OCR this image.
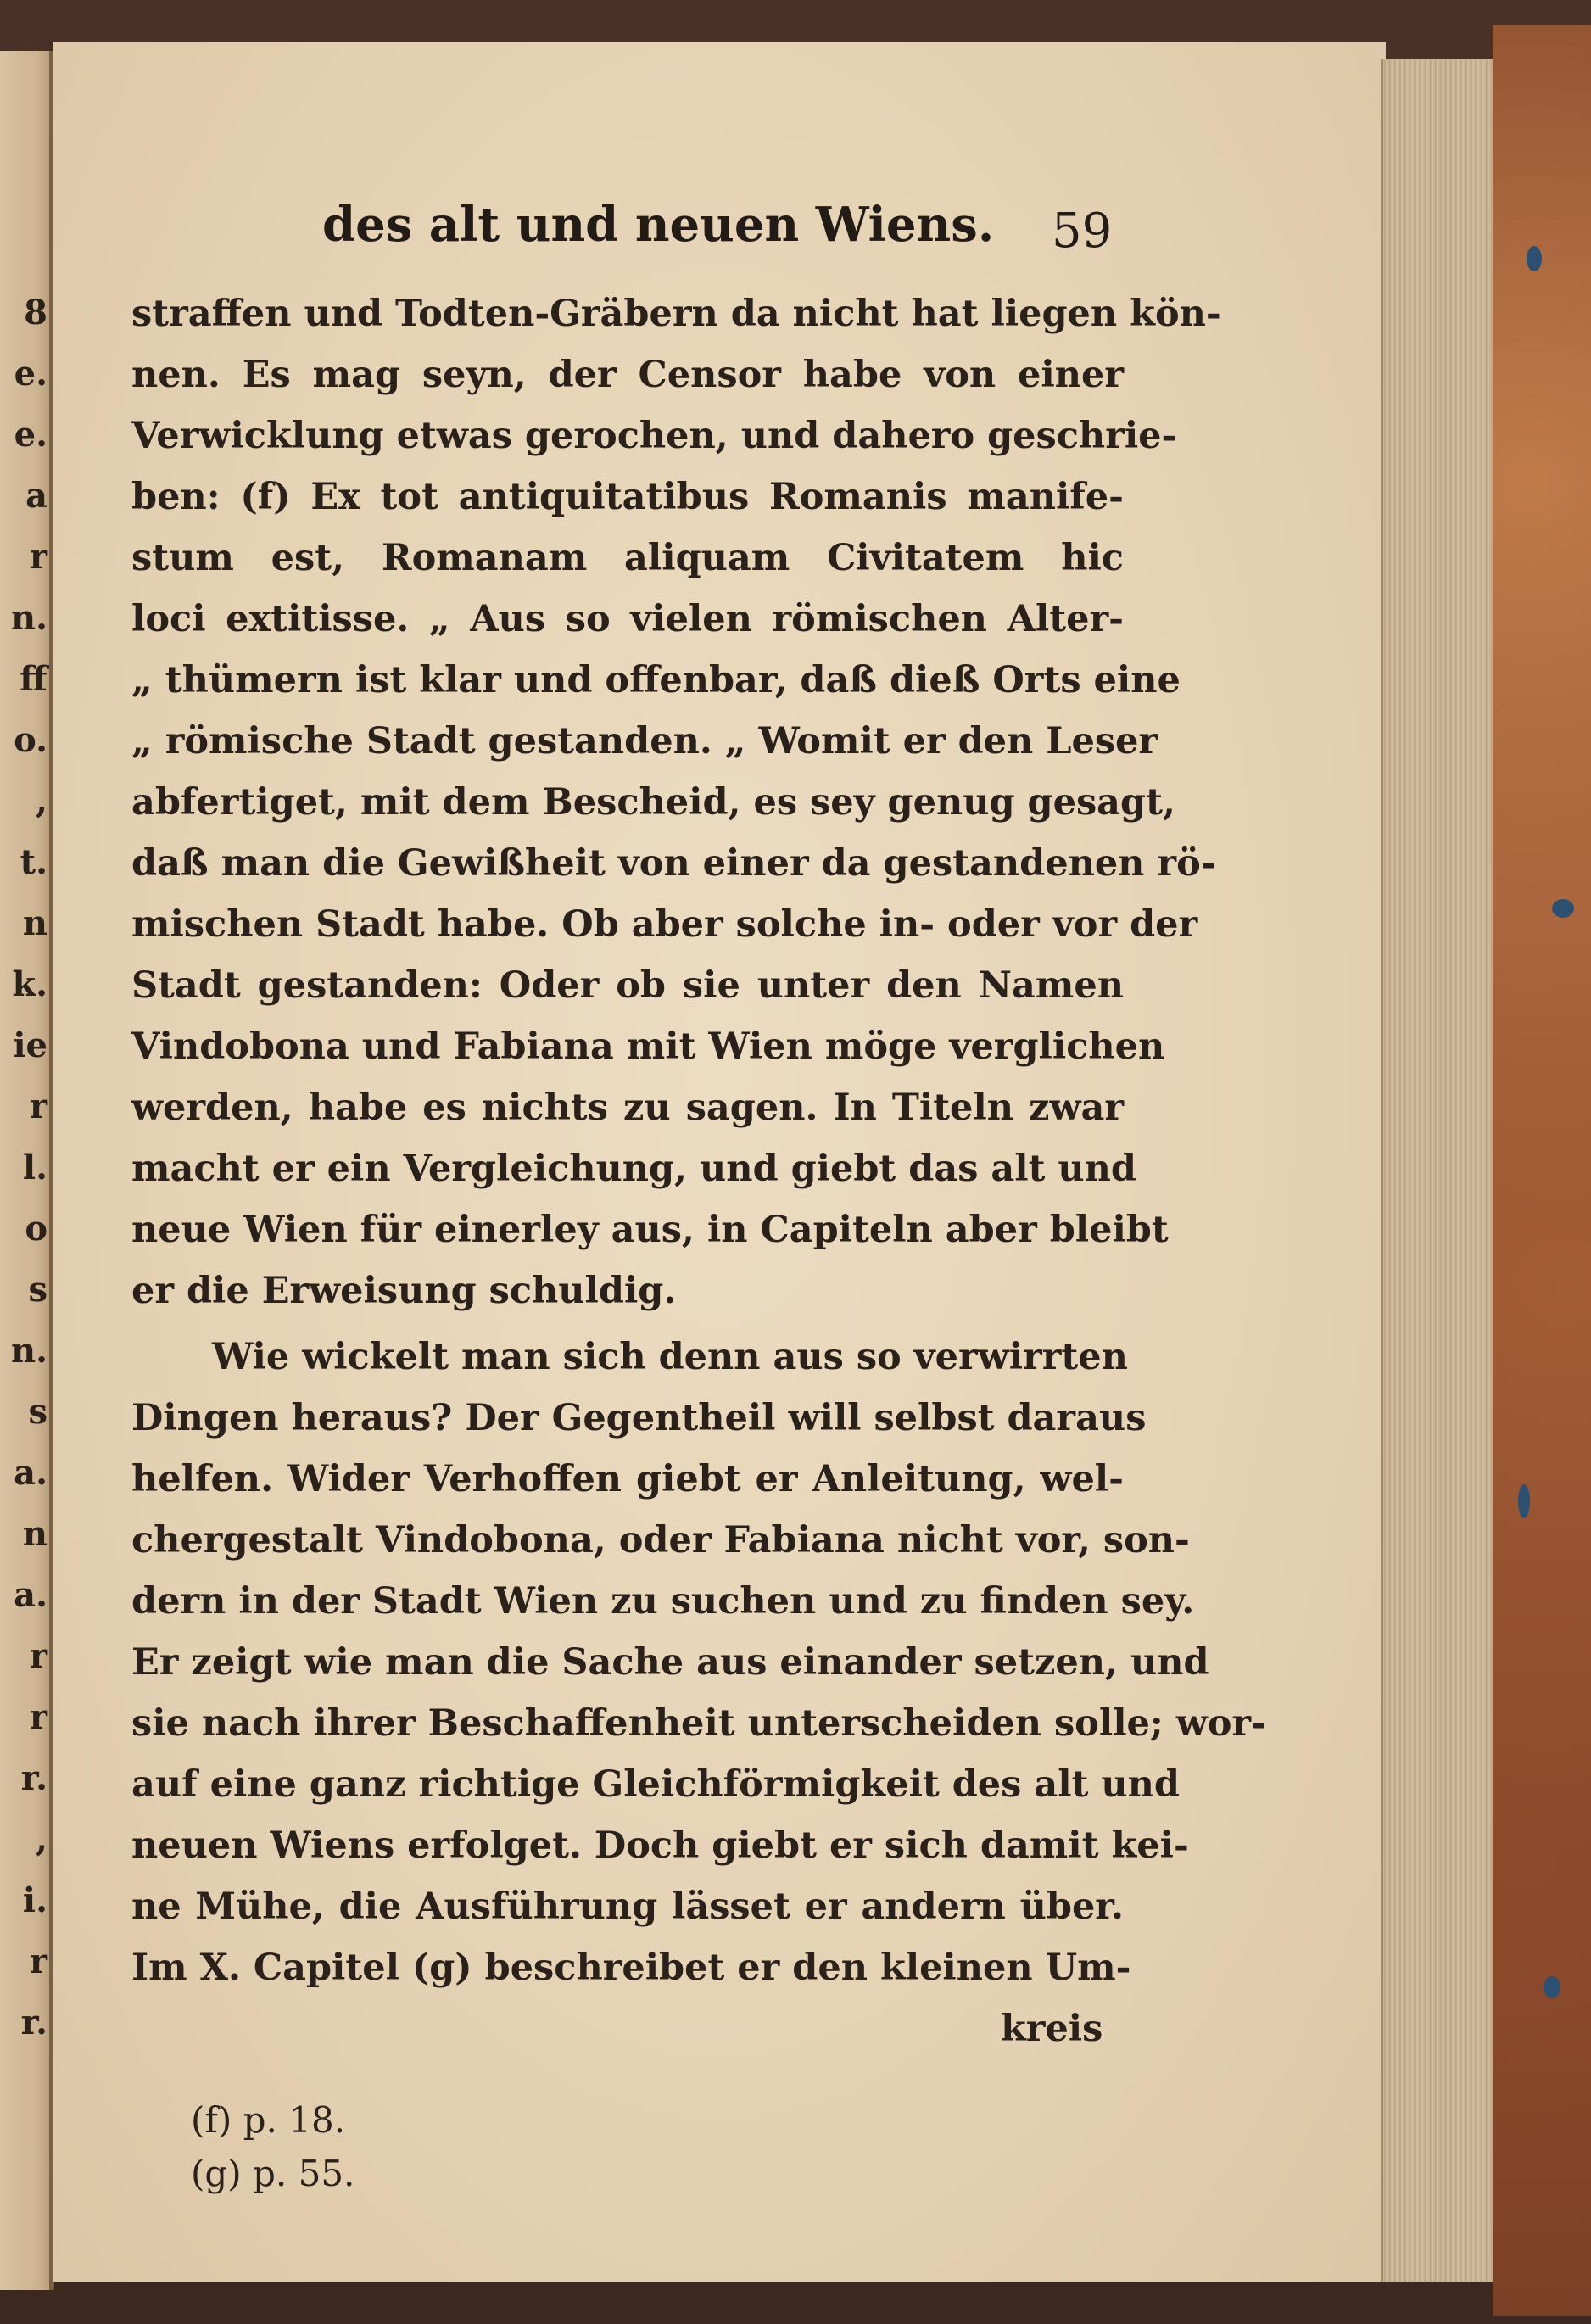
8
e.
e.
a
r
n.
ff
o.
,
t.
n
k.
ie
r
l.
o
s
n.
s
a.
n
a.
r
r
r.
,
i.
r
r.
des alt und neuen Wiens.	59
straffen und Todten-Gräbern da nicht hat liegen kön-
nen. Es mag seyn, der Censor habe von einer
Verwicklung etwas gerochen, und dahero geschrie-
ben: (f) Ex tot antiquitatibus Romanis manife-
stum est, Romanam aliquam Civitatem hic
loci extitisse. „ Aus so vielen römischen Alter-
„ thümern ist klar und offenbar, daß dieß Orts eine
„ römische Stadt gestanden. „ Womit er den Leser
abfertiget, mit dem Bescheid, es sey genug gesagt,
daß man die Gewißheit von einer da gestandenen rö-
mischen Stadt habe. Ob aber solche in- oder vor der
Stadt gestanden: Oder ob sie unter den Namen
Vindobona und Fabiana mit Wien möge verglichen
werden, habe es nichts zu sagen. In Titeln zwar
macht er ein Vergleichung, und giebt das alt und
neue Wien für einerley aus, in Capiteln aber bleibt
er die Erweisung schuldig.
Wie wickelt man sich denn aus so verwirrten
Dingen heraus? Der Gegentheil will selbst daraus
helfen. Wider Verhoffen giebt er Anleitung, wel-
chergestalt Vindobona, oder Fabiana nicht vor, son-
dern in der Stadt Wien zu suchen und zu finden sey.
Er zeigt wie man die Sache aus einander setzen, und
sie nach ihrer Beschaffenheit unterscheiden solle; wor-
auf eine ganz richtige Gleichförmigkeit des alt und
neuen Wiens erfolget. Doch giebt er sich damit kei-
ne Mühe, die Ausführung lässet er andern über.
Im X. Capitel (g) beschreibet er den kleinen Um-
kreis
(f) p. 18.
(g) p. 55.
